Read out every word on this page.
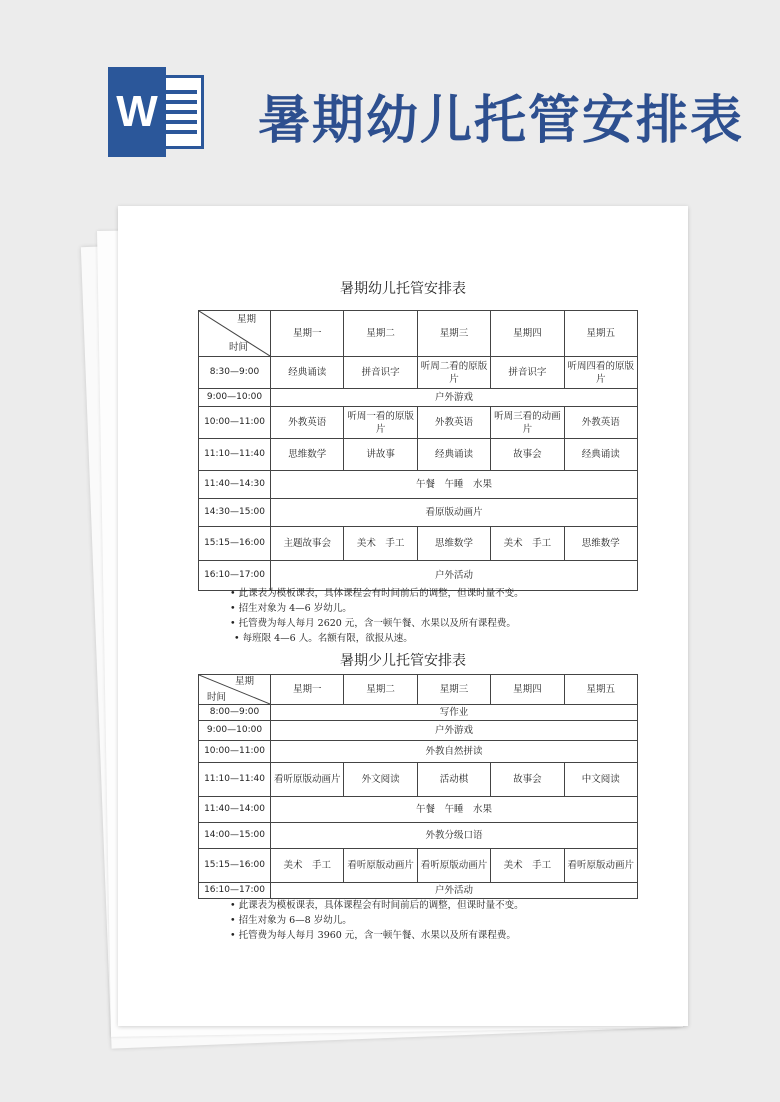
W 暑期幼儿托管安排表
暑期幼儿托管安排表
星期
时间	星期一	星期二	星期三	星期四	星期五
8:30—9:00	经典诵读	拼音识字	听周二看的原版片	拼音识字	听周四看的原版片
9:00—10:00	户外游戏				
10:00—11:00	外教英语	听周一看的原版片	外教英语	听周三看的动画片	外教英语
11:10—11:40	思维数学	讲故事	经典诵读	故事会	经典诵读
11:40—14:30	午餐　午睡　水果				
14:30—15:00	看原版动画片				
15:15—16:00	主题故事会	美术　手工	思维数学	美术　手工	思维数学
16:10—17:00	户外活动				
• 此课表为模板课表，具体课程会有时间前后的调整，但课时量不变。
• 招生对象为 4—6 岁幼儿。
• 托管费为每人每月 2620 元，含一顿午餐、水果以及所有课程费。
• 每班限 4—6 人。名额有限，欲报从速。
暑期少儿托管安排表
星期
时间	星期一	星期二	星期三	星期四	星期五
8:00—9:00	写作业				
9:00—10:00	户外游戏				
10:00—11:00	外教自然拼读				
11:10—11:40	看听原版动画片	外文阅读	活动棋	故事会	中文阅读
11:40—14:00	午餐　午睡　水果				
14:00—15:00	外教分级口语				
15:15—16:00	美术　手工	看听原版动画片	看听原版动画片	美术　手工	看听原版动画片
16:10—17:00	户外活动				
• 此课表为模板课表，具体课程会有时间前后的调整，但课时量不变。
• 招生对象为 6—8 岁幼儿。
• 托管费为每人每月 3960 元，含一顿午餐、水果以及所有课程费。
